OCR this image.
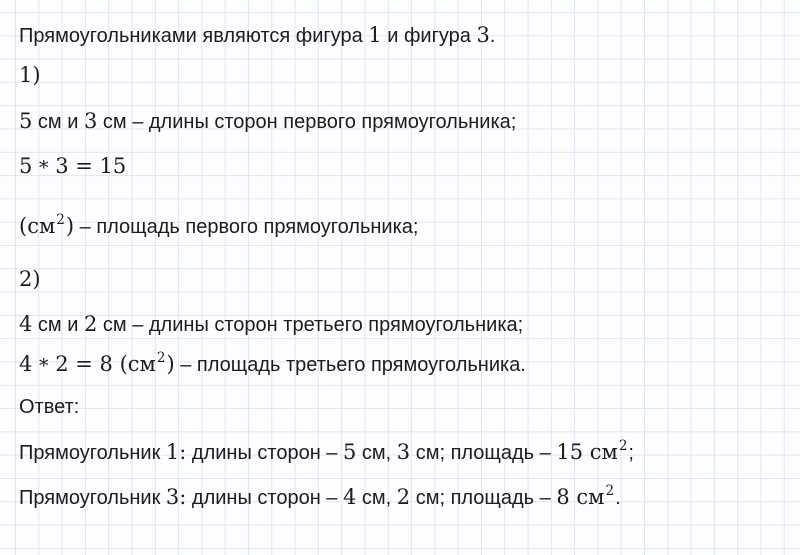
Прямоугольниками являются фигура 1 и фигура 3.
1)
5 см и 3 см – длины сторон первого прямоугольника;
5 * 3 = 15
$(см^2)$ – площадь первого прямоугольника;
2)
4 см и 2 см – длины сторон третьего прямоугольника;
4 * 2 = 8 $(см^2)$ – площадь третьего прямоугольника.
Ответ:
Прямоугольник 1: длины сторон – 5 см, 3 см; площадь – 15 $см^2$;
Прямоугольник 3: длины сторон – 4 см, 2 см; площадь – 8 $см^2$.
